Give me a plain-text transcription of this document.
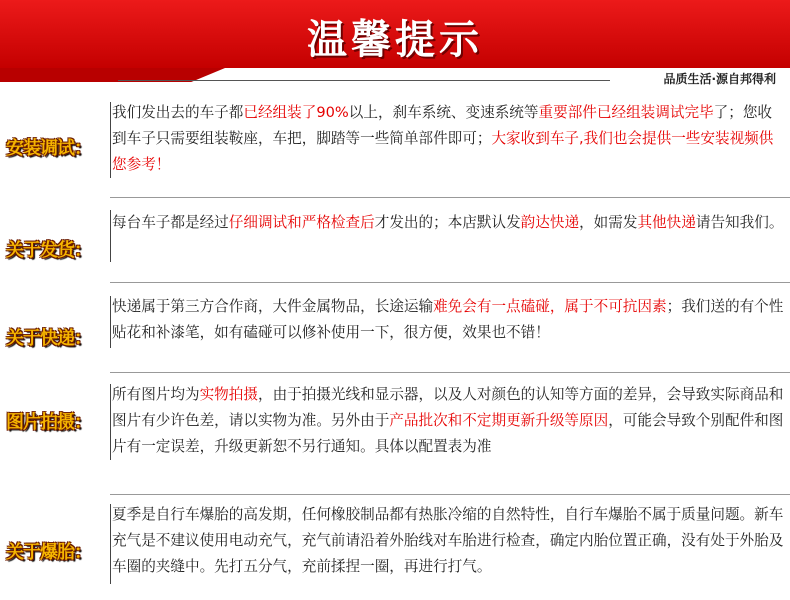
温馨提示
品质生活·源自邦得利
安装调试：
我们发出去的车子都已经组装了90%以上，刹车系统、变速系统等重要部件已经组装调试完毕了；您收到车子只需要组装鞍座，车把，脚踏等一些简单部件即可；大家收到车子,我们也会提供一些安装视频供您参考！
关于发货：
每台车子都是经过仔细调试和严格检查后才发出的；本店默认发韵达快递，如需发其他快递请告知我们。
关于快递：
快递属于第三方合作商，大件金属物品，长途运输难免会有一点磕碰，属于不可抗因素；我们送的有个性贴花和补漆笔，如有磕碰可以修补使用一下，很方便，效果也不错！
图片拍摄：
所有图片均为实物拍摄，由于拍摄光线和显示器，以及人对颜色的认知等方面的差异，会导致实际商品和图片有少许色差，请以实物为准。另外由于产品批次和不定期更新升级等原因，可能会导致个别配件和图片有一定误差，升级更新恕不另行通知。具体以配置表为准
关于爆胎：
夏季是自行车爆胎的高发期，任何橡胶制品都有热胀冷缩的自然特性，自行车爆胎不属于质量问题。新车充气是不建议使用电动充气，充气前请沿着外胎线对车胎进行检查，确定内胎位置正确，没有处于外胎及车圈的夹缝中。先打五分气，充前揉捏一圈，再进行打气。
